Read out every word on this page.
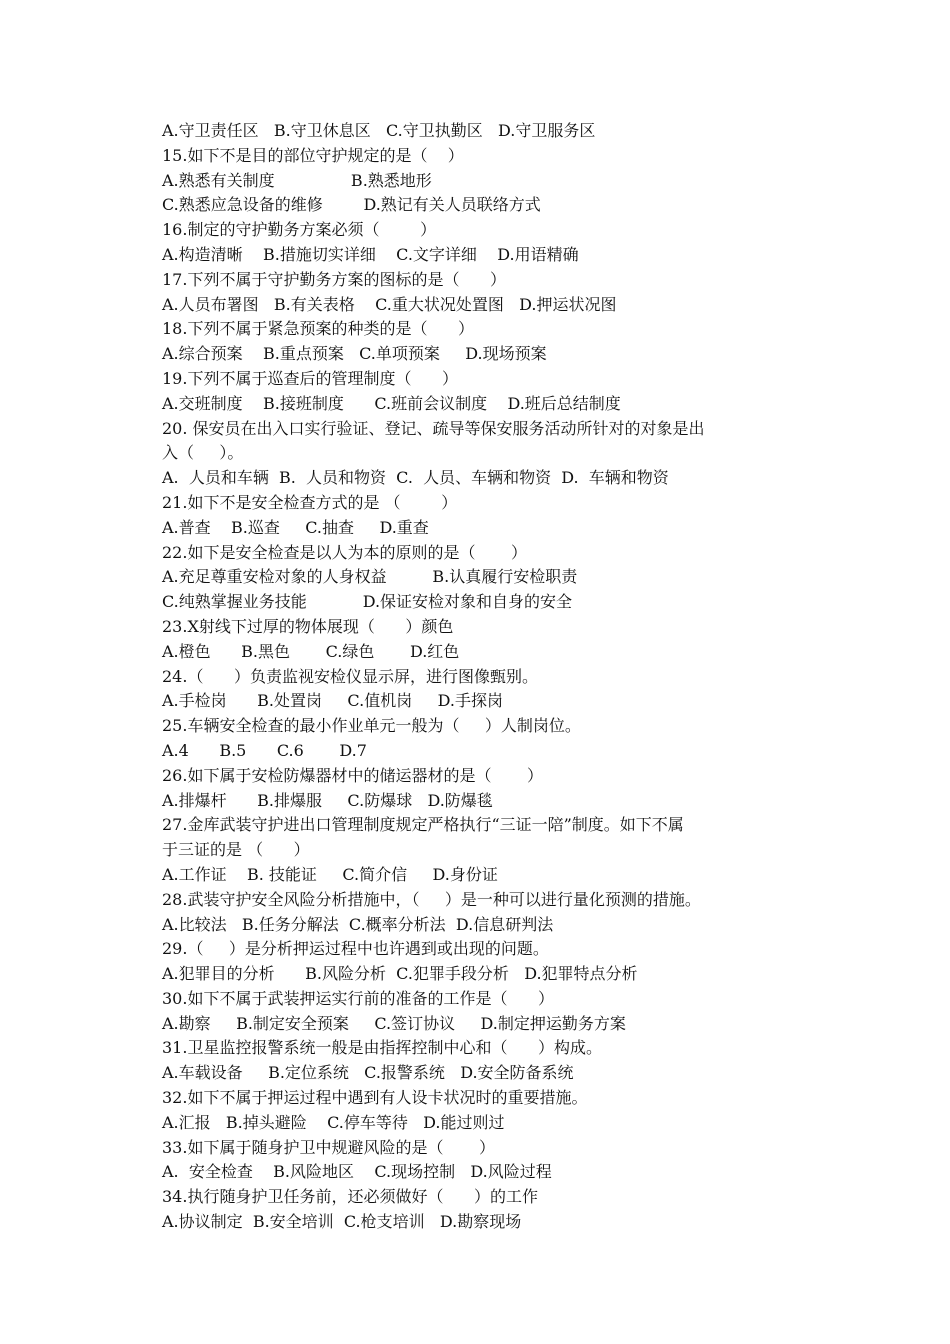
A.守卫责任区   B.守卫休息区   C.守卫执勤区   D.守卫服务区
15.如下不是目的部位守护规定的是（    ）
A.熟悉有关制度               B.熟悉地形
C.熟悉应急设备的维修        D.熟记有关人员联络方式
16.制定的守护勤务方案必须（        ）
A.构造清晰    B.措施切实详细    C.文字详细    D.用语精确
17.下列不属于守护勤务方案的图标的是（      ）
A.人员布署图   B.有关表格    C.重大状况处置图   D.押运状况图
18.下列不属于紧急预案的种类的是（      ）
A.综合预案    B.重点预案   C.单项预案     D.现场预案
19.下列不属于巡查后的管理制度（      ）
A.交班制度    B.接班制度      C.班前会议制度    D.班后总结制度
20. 保安员在出入口实行验证、登记、疏导等保安服务活动所针对的对象是出
入（     ）。
A.  人员和车辆  B.  人员和物资  C.  人员、车辆和物资  D.  车辆和物资
21.如下不是安全检查方式的是 （        ）
A.普查    B.巡查     C.抽查     D.重查
22.如下是安全检查是以人为本的原则的是（       ）
A.充足尊重安检对象的人身权益         B.认真履行安检职责
C.纯熟掌握业务技能           D.保证安检对象和自身的安全
23.X射线下过厚的物体展现（      ）颜色
A.橙色      B.黑色       C.绿色       D.红色
24.（      ）负责监视安检仪显示屏，进行图像甄别。
A.手检岗      B.处置岗     C.值机岗     D.手探岗
25.车辆安全检查的最小作业单元一般为（     ）人制岗位。
A.4      B.5      C.6       D.7
26.如下属于安检防爆器材中的储运器材的是（       ）
A.排爆杆      B.排爆服     C.防爆球   D.防爆毯
27.金库武装守护进出口管理制度规定严格执行“三证一陪”制度。如下不属
于三证的是 （      ）
A.工作证    B. 技能证     C.简介信     D.身份证
28.武装守护安全风险分析措施中，（     ）是一种可以进行量化预测的措施。
A.比较法   B.任务分解法  C.概率分析法  D.信息研判法
29.（     ）是分析押运过程中也许遇到或出现的问题。
A.犯罪目的分析      B.风险分析  C.犯罪手段分析   D.犯罪特点分析
30.如下不属于武装押运实行前的准备的工作是（      ）
A.勘察     B.制定安全预案     C.签订协议     D.制定押运勤务方案
31.卫星监控报警系统一般是由指挥控制中心和（      ）构成。
A.车载设备     B.定位系统   C.报警系统   D.安全防备系统
32.如下不属于押运过程中遇到有人设卡状况时的重要措施。
A.汇报   B.掉头避险    C.停车等待   D.能过则过
33.如下属于随身护卫中规避风险的是（       ）
A.  安全检查    B.风险地区    C.现场控制   D.风险过程
34.执行随身护卫任务前，还必须做好（      ）的工作
A.协议制定  B.安全培训  C.枪支培训   D.勘察现场
